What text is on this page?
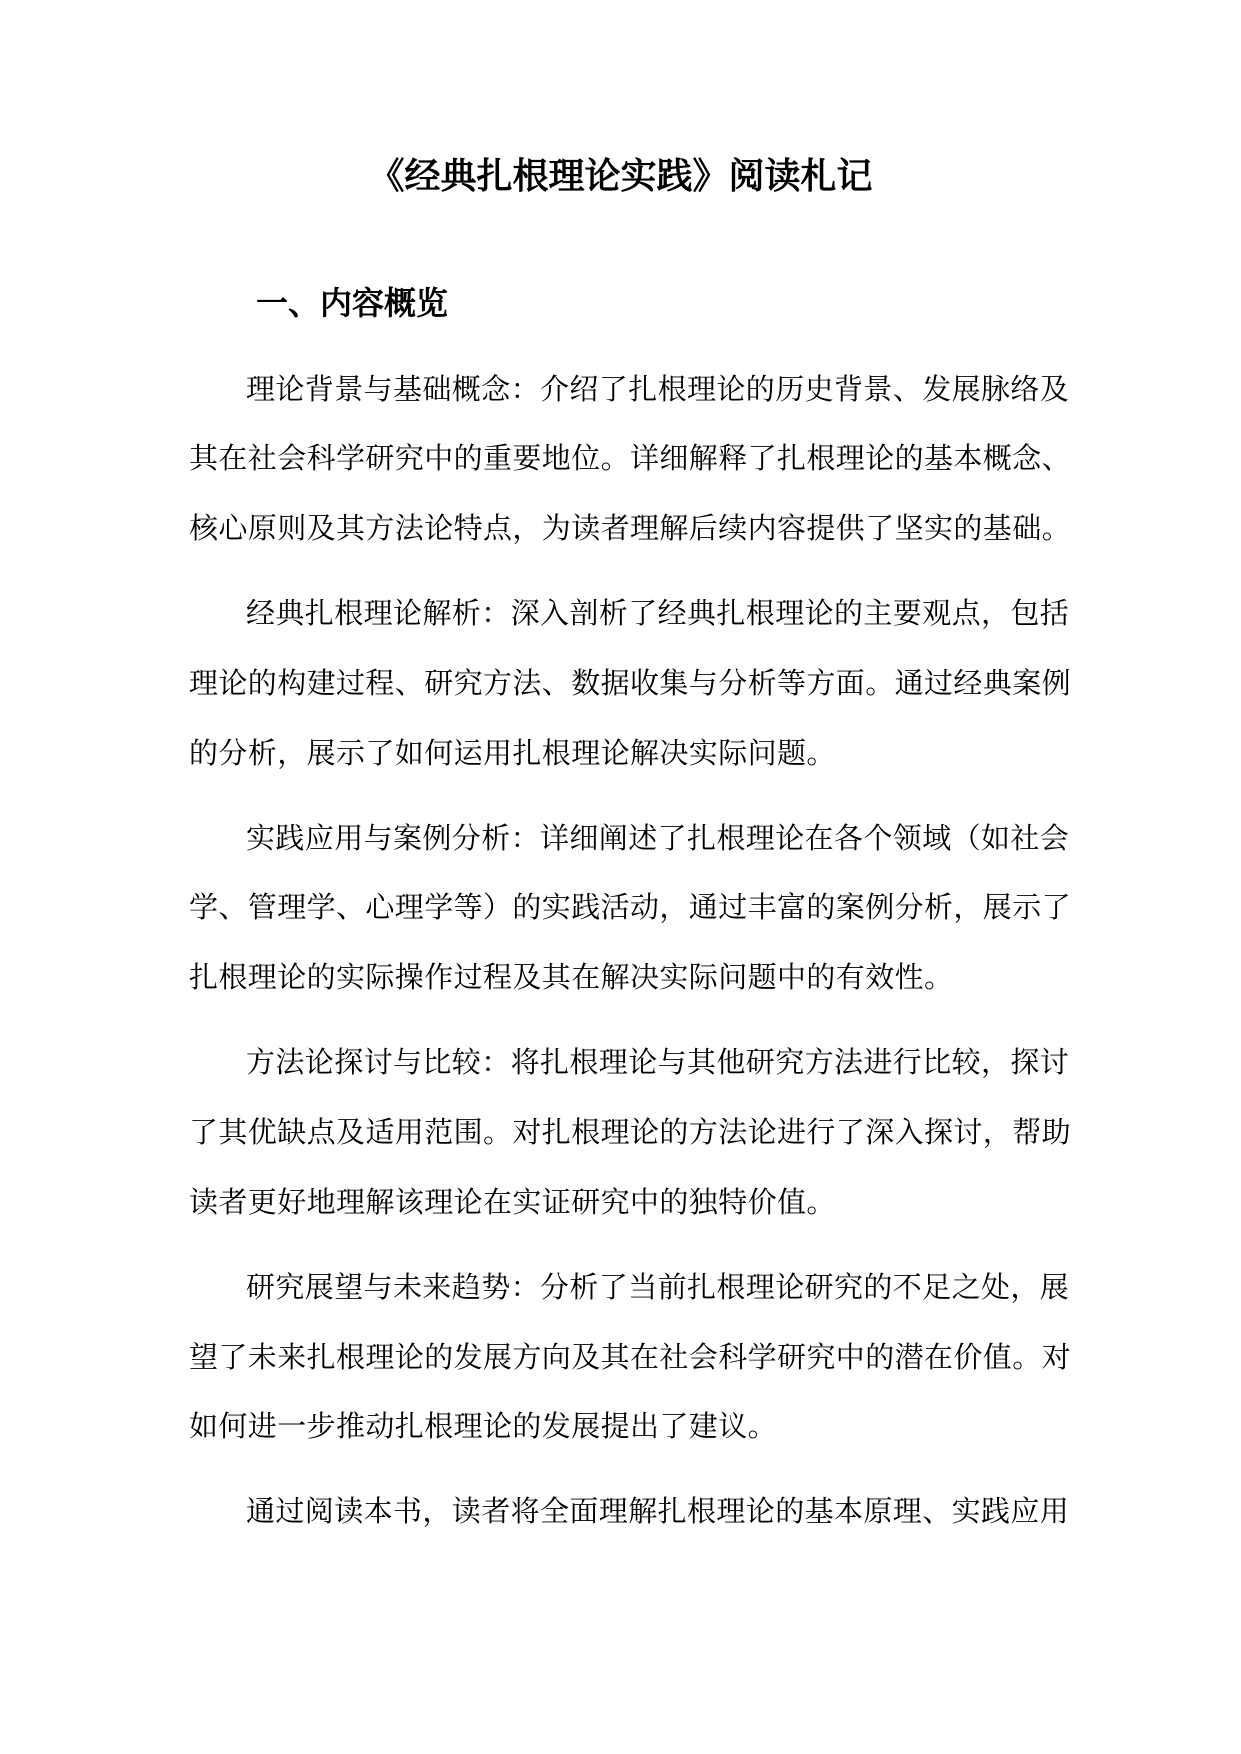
《经典扎根理论实践》阅读札记
一、内容概览
理论背景与基础概念：介绍了扎根理论的历史背景、发展脉络及
其在社会科学研究中的重要地位。详细解释了扎根理论的基本概念、
核心原则及其方法论特点，为读者理解后续内容提供了坚实的基础。
经典扎根理论解析：深入剖析了经典扎根理论的主要观点，包括
理论的构建过程、研究方法、数据收集与分析等方面。通过经典案例
的分析，展示了如何运用扎根理论解决实际问题。
实践应用与案例分析：详细阐述了扎根理论在各个领域（如社会
学、管理学、心理学等）的实践活动，通过丰富的案例分析，展示了
扎根理论的实际操作过程及其在解决实际问题中的有效性。
方法论探讨与比较：将扎根理论与其他研究方法进行比较，探讨
了其优缺点及适用范围。对扎根理论的方法论进行了深入探讨，帮助
读者更好地理解该理论在实证研究中的独特价值。
研究展望与未来趋势：分析了当前扎根理论研究的不足之处，展
望了未来扎根理论的发展方向及其在社会科学研究中的潜在价值。对
如何进一步推动扎根理论的发展提出了建议。
通过阅读本书，读者将全面理解扎根理论的基本原理、实践应用
